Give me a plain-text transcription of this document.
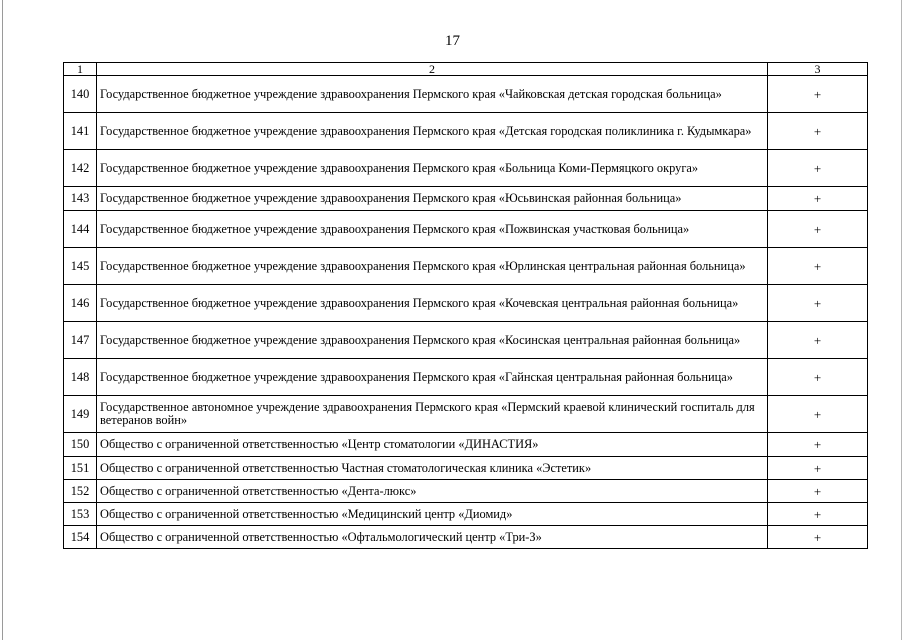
17
1	2	3
140	Государственное бюджетное учреждение здравоохранения Пермского края «Чайковская детская городская больница»	+
141	Государственное бюджетное учреждение здравоохранения Пермского края «Детская городская поликлиника г. Кудымкара»	+
142	Государственное бюджетное учреждение здравоохранения Пермского края «Больница Коми-Пермяцкого округа»	+
143	Государственное бюджетное учреждение здравоохранения Пермского края «Юсьвинская районная больница»	+
144	Государственное бюджетное учреждение здравоохранения Пермского края «Пожвинская участковая больница»	+
145	Государственное бюджетное учреждение здравоохранения Пермского края «Юрлинская центральная районная больница»	+
146	Государственное бюджетное учреждение здравоохранения Пермского края «Кочевская центральная районная больница»	+
147	Государственное бюджетное учреждение здравоохранения Пермского края «Косинская центральная районная больница»	+
148	Государственное бюджетное учреждение здравоохранения Пермского края «Гайнская центральная районная больница»	+
149	Государственное автономное учреждение здравоохранения Пермского края «Пермский краевой клинический госпиталь для ветеранов войн»	+
150	Общество с ограниченной ответственностью «Центр стоматологии «ДИНАСТИЯ»	+
151	Общество с ограниченной ответственностью Частная стоматологическая клиника «Эстетик»	+
152	Общество с ограниченной ответственностью «Дента-люкс»	+
153	Общество с ограниченной ответственностью «Медицинский центр «Диомид»	+
154	Общество с ограниченной ответственностью «Офтальмологический центр «Три-З»	+
